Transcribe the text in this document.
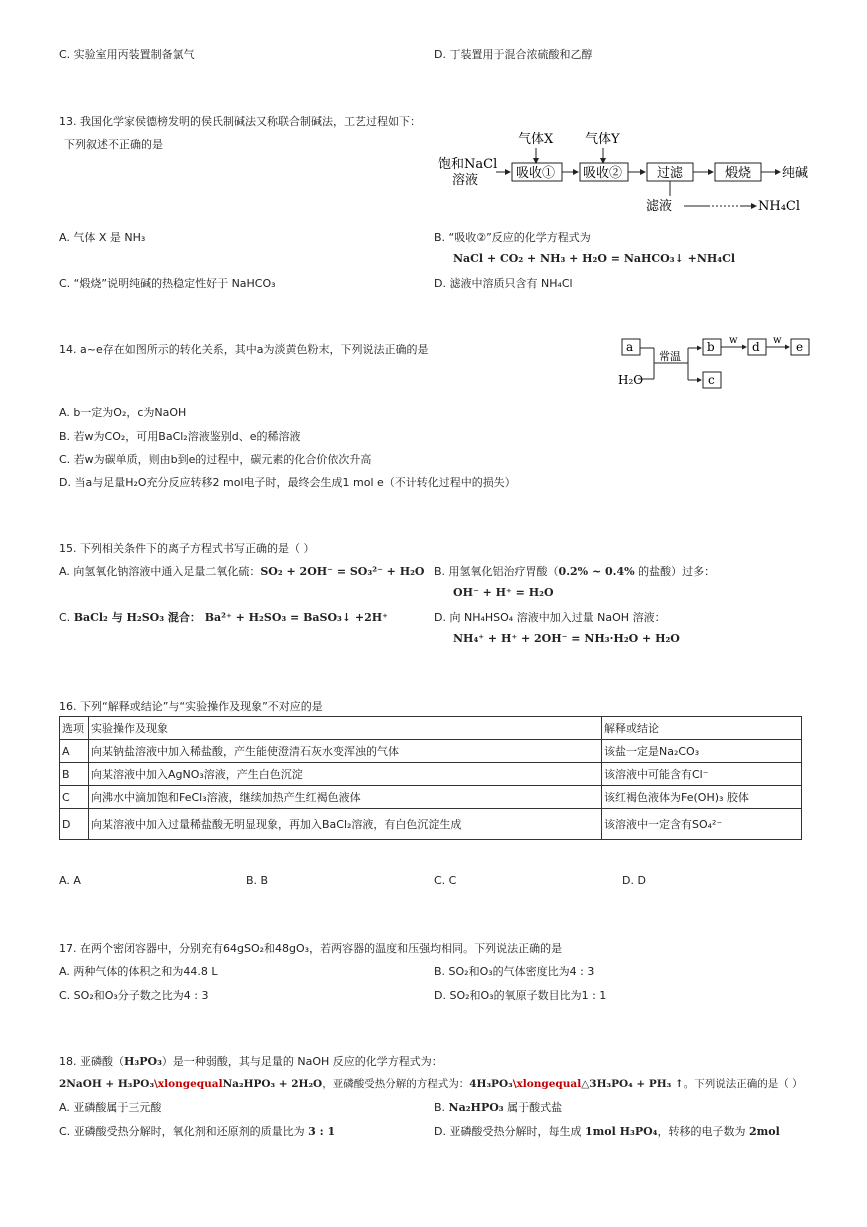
C. 实验室用丙装置制备氯气	D. 丁装置用于混合浓硫酸和乙醇
13. 我国化学家侯德榜发明的侯氏制碱法又称联合制碱法，工艺过程如下：
下列叙述不正确的是	气体X 气体Y
饱和NaCl
溶液	吸收① 吸收②	过滤	煅烧 纯碱
滤液	NH₄Cl
A. 气体 X 是 NH₃	B. “吸收②”反应的化学方程式为
NaCl + CO₂ + NH₃ + H₂O = NaHCO₃↓ +NH₄Cl
C. “煅烧”说明纯碱的热稳定性好于 NaHCO₃	D. 滤液中溶质只含有 NH₄Cl
14. a~e存在如图所示的转化关系，其中a为淡黄色粉末，下列说法正确的是	a
H₂O
常温
b
c
w d w e
A. b一定为O₂，c为NaOH
B. 若w为CO₂，可用BaCl₂溶液鉴别d、e的稀溶液
C. 若w为碳单质，则由b到e的过程中，碳元素的化合价依次升高
D. 当a与足量H₂O充分反应转移2 mol电子时，最终会生成1 mol e（不计转化过程中的损失）
15. 下列相关条件下的离子方程式书写正确的是（ ）
A. 向氢氧化钠溶液中通入足量二氧化硫：SO₂ + 2OH⁻ = SO₃²⁻ + H₂O B. 用氢氧化铝治疗胃酸（0.2% ~ 0.4% 的盐酸）过多：
OH⁻ + H⁺ = H₂O
C. BaCl₂ 与 H₂SO₃ 混合： Ba²⁺ + H₂SO₃ = BaSO₃↓ +2H⁺	D. 向 NH₄HSO₄ 溶液中加入过量 NaOH 溶液：
NH₄⁺ + H⁺ + 2OH⁻ = NH₃·H₂O + H₂O
16. 下列“解释或结论”与“实验操作及现象”不对应的是
选项	实验操作及现象	解释或结论
A	向某钠盐溶液中加入稀盐酸，产生能使澄清石灰水变浑浊的气体	该盐一定是Na₂CO₃
B	向某溶液中加入AgNO₃溶液，产生白色沉淀	该溶液中可能含有Cl⁻
C	向沸水中滴加饱和FeCl₃溶液，继续加热产生红褐色液体	该红褐色液体为Fe(OH)₃ 胶体
D	向某溶液中加入过量稀盐酸无明显现象，再加入BaCl₂溶液，有白色沉淀生成	该溶液中一定含有SO₄²⁻
A. A	B. B	C. C	D. D
17. 在两个密闭容器中，分别充有64gSO₂和48gO₃，若两容器的温度和压强均相同。下列说法正确的是
A. 两种气体的体积之和为44.8 L	B. SO₂和O₃的气体密度比为4 : 3
C. SO₂和O₃分子数之比为4 : 3	D. SO₂和O₃的氧原子数目比为1 : 1
18. 亚磷酸（H₃PO₃）是一种弱酸，其与足量的 NaOH 反应的化学方程式为：
2NaOH + H₃PO₃\xlongequalNa₂HPO₃ + 2H₂O，亚磷酸受热分解的方程式为：4H₃PO₃\xlongequal△3H₃PO₄ + PH₃ ↑。下列说法正确的是（ ）
A. 亚磷酸属于三元酸	B. Na₂HPO₃ 属于酸式盐
C. 亚磷酸受热分解时，氧化剂和还原剂的质量比为 3 : 1	D. 亚磷酸受热分解时，每生成 1mol H₃PO₄，转移的电子数为 2mol
